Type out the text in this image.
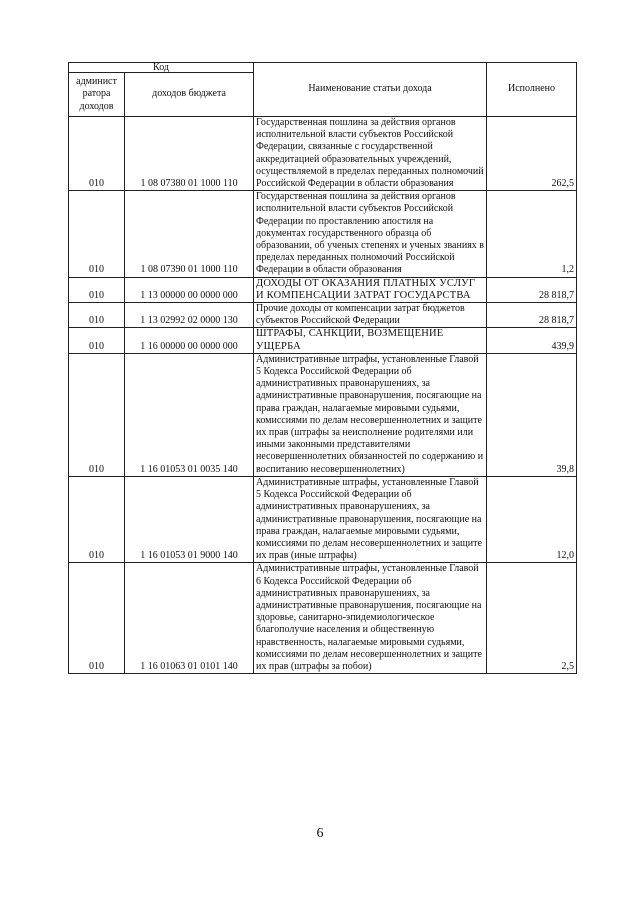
Код		Наименование статьи дохода	Исполнено
админист ратора доходов	доходов бюджета		
010	1 08 07380 01 1000 110	Государственная пошлина за действия органов исполнительной власти субъектов Российской Федерации, связанные с государственной аккредитацией образовательных учреждений, осуществляемой в пределах переданных полномочий Российской Федерации в области образования	262,5
010	1 08 07390 01 1000 110	Государственная пошлина за действия органов исполнительной власти субъектов Российской Федерации по проставлению апостиля на документах государственного образца об образовании, об ученых степенях и ученых званиях в пределах переданных полномочий Российской Федерации в области образования	1,2
010	1 13 00000 00 0000 000	ДОХОДЫ ОТ ОКАЗАНИЯ ПЛАТНЫХ УСЛУГ И КОМПЕНСАЦИИ ЗАТРАТ ГОСУДАРСТВА	28 818,7
010	1 13 02992 02 0000 130	Прочие доходы от компенсации затрат бюджетов субъектов Российской Федерации	28 818,7
010	1 16 00000 00 0000 000	ШТРАФЫ, САНКЦИИ, ВОЗМЕЩЕНИЕ УЩЕРБА	439,9
010	1 16 01053 01 0035 140	Административные штрафы, установленные Главой 5 Кодекса Российской Федерации об административных правонарушениях, за административные правонарушения, посягающие на права граждан, налагаемые мировыми судьями, комиссиями по делам несовершеннолетних и защите их прав (штрафы за неисполнение родителями или иными законными представителями несовершеннолетних обязанностей по содержанию и воспитанию несовершеннолетних)	39,8
010	1 16 01053 01 9000 140	Административные штрафы, установленные Главой 5 Кодекса Российской Федерации об административных правонарушениях, за административные правонарушения, посягающие на права граждан, налагаемые мировыми судьями, комиссиями по делам несовершеннолетних и защите их прав (иные штрафы)	12,0
010	1 16 01063 01 0101 140	Административные штрафы, установленные Главой 6 Кодекса Российской Федерации об административных правонарушениях, за административные правонарушения, посягающие на здоровье, санитарно-эпидемиологическое благополучие населения и общественную нравственность, налагаемые мировыми судьями, комиссиями по делам несовершеннолетних и защите их прав (штрафы за побои)	2,5
6
